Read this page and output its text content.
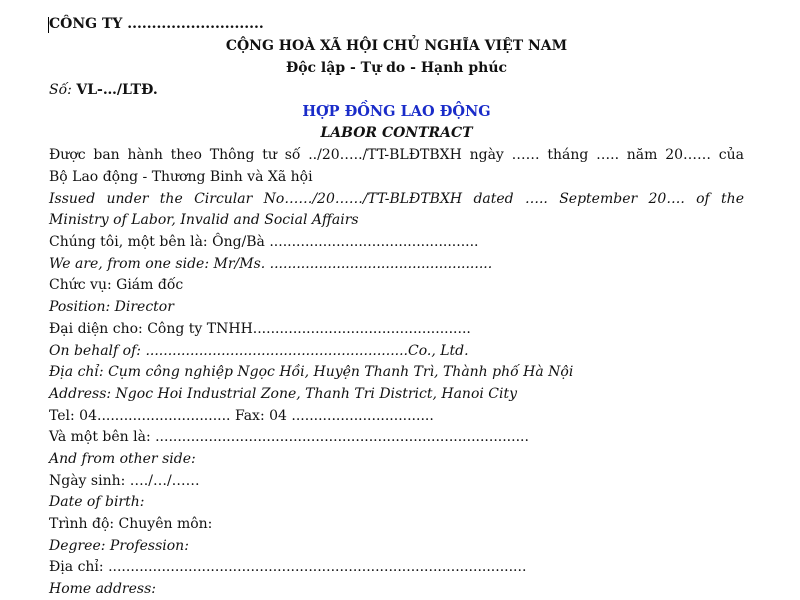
CÔNG TY ............................
CỘNG HOÀ XÃ HỘI CHỦ NGHĨA VIỆT NAM
Độc lập - Tự do - Hạnh phúc
Số: VL-…/LTĐ.
HỢP ĐỒNG LAO ĐỘNG
LABOR CONTRACT
Được ban hành theo Thông tư số ../20…../TT-BLĐTBXH ngày …… tháng ….. năm 20…… của
Bộ Lao động - Thương Binh và Xã hội
Issued under the Circular No……/20……/TT-BLĐTBXH dated ….. September 20…. of the
Ministry of Labor, Invalid and Social Affairs
Chúng tôi, một bên là: Ông/Bà ...............................................
We are, from one side: Mr/Ms. ..................................................
Chức vụ: Giám đốc
Position: Director
Đại diện cho: Công ty TNHH.................................................
On behalf of: ...........................................................Co., Ltd.
Địa chỉ: Cụm công nghiệp Ngọc Hồi, Huyện Thanh Trì, Thành phố Hà Nội
Address: Ngoc Hoi Industrial Zone, Thanh Tri District, Hanoi City
Tel: 04.............................. Fax: 04 ................................
Và một bên là: ....................................................................................
And from other side:
Ngày sinh: …./…/……
Date of birth:
Trình độ: Chuyên môn:
Degree: Profession:
Địa chỉ: ..............................................................................................
Home address:
